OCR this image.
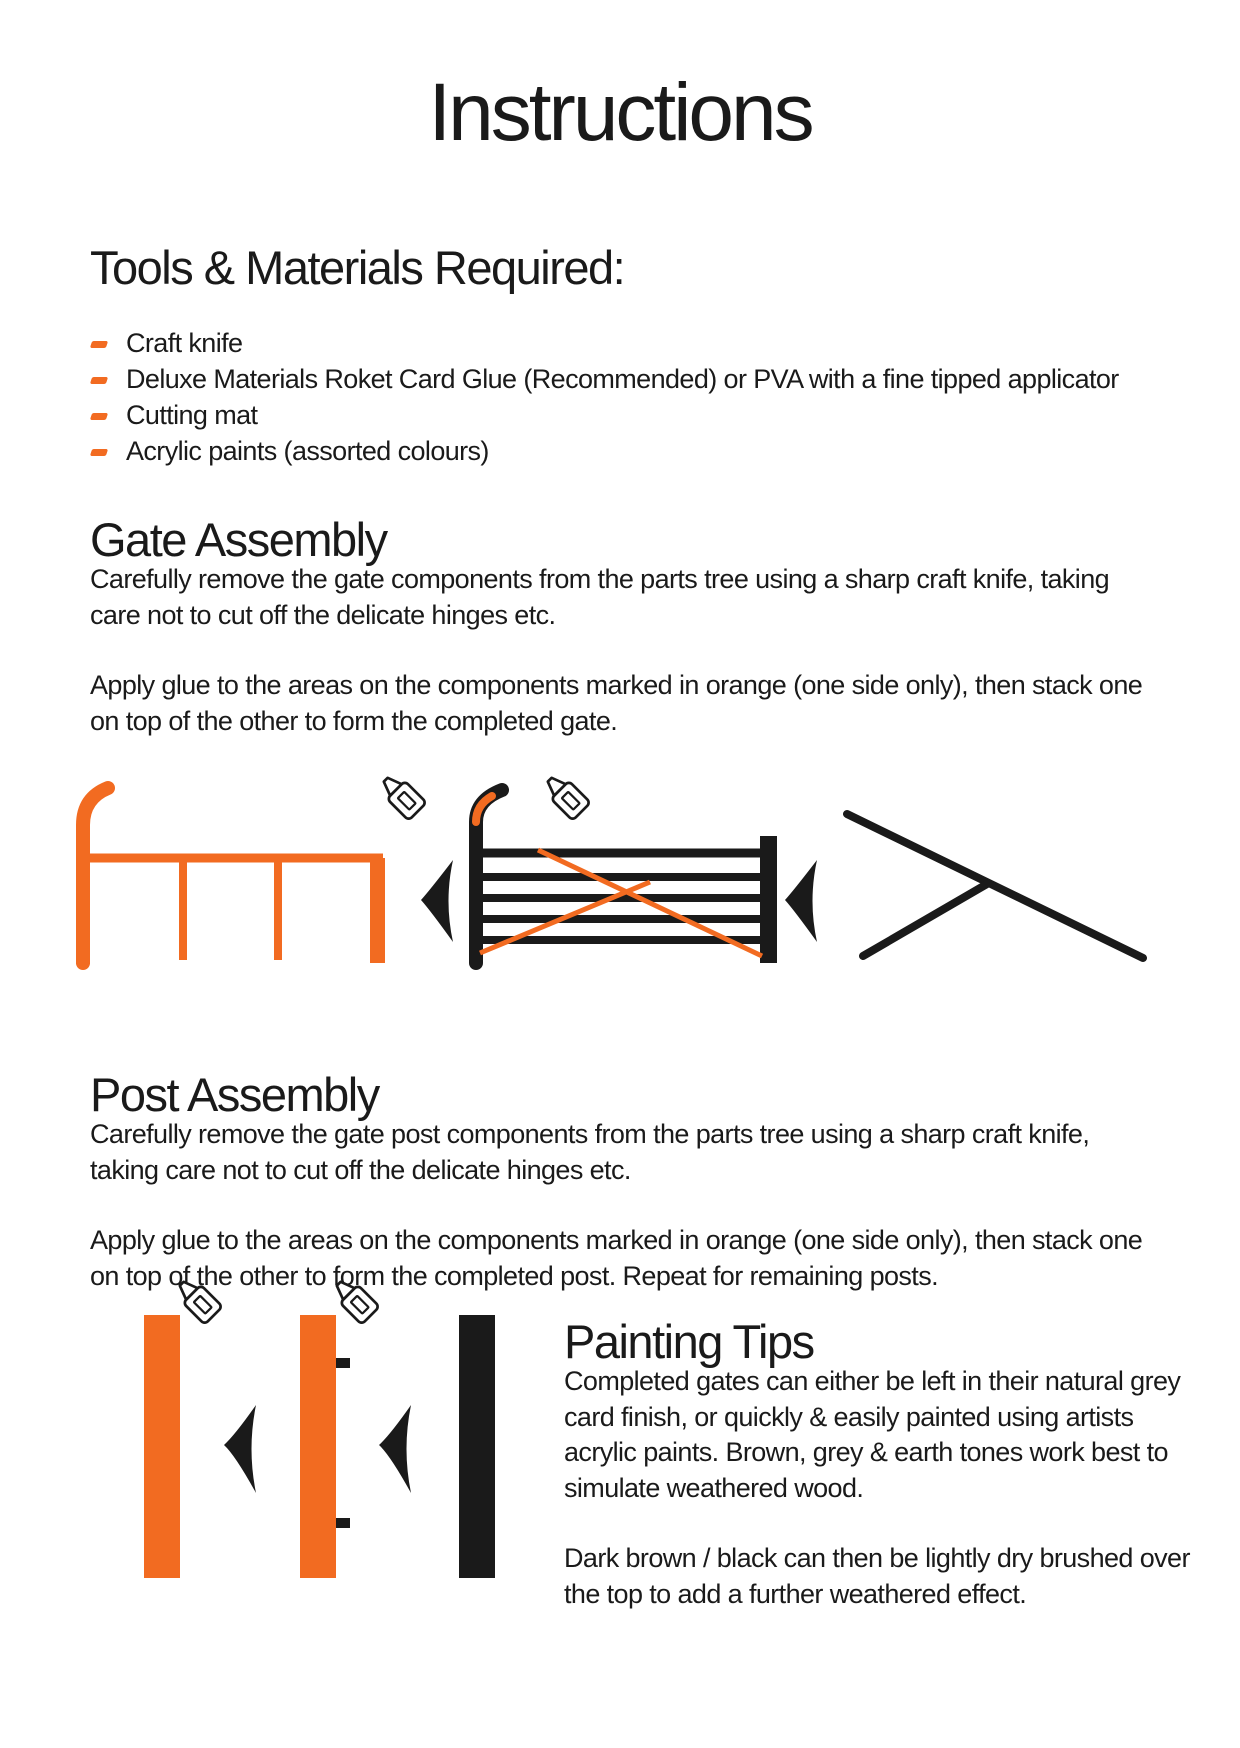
Instructions
Tools & Materials Required:
Craft knife
Deluxe Materials Roket Card Glue (Recommended) or PVA with a fine tipped applicator
Cutting mat
Acrylic paints (assorted colours)
Gate Assembly

Carefully remove the gate components from the parts tree using a sharp craft knife, taking care not to cut off the delicate hinges etc.

Apply glue to the areas on the components marked in orange (one side only), then stack one on top of the other to form the completed gate.

Post Assembly

Carefully remove the gate post components from the parts tree using a sharp craft knife, taking care not to cut off the delicate hinges etc.

Apply glue to the areas on the components marked in orange (one side only), then stack one on top of the other to form the completed post. Repeat for remaining posts.

Painting Tips

Completed gates can either be left in their natural grey card finish, or quickly & easily painted using artists acrylic paints. Brown, grey & earth tones work best to simulate weathered wood.

Dark brown / black can then be lightly dry brushed over the top to add a further weathered effect.
